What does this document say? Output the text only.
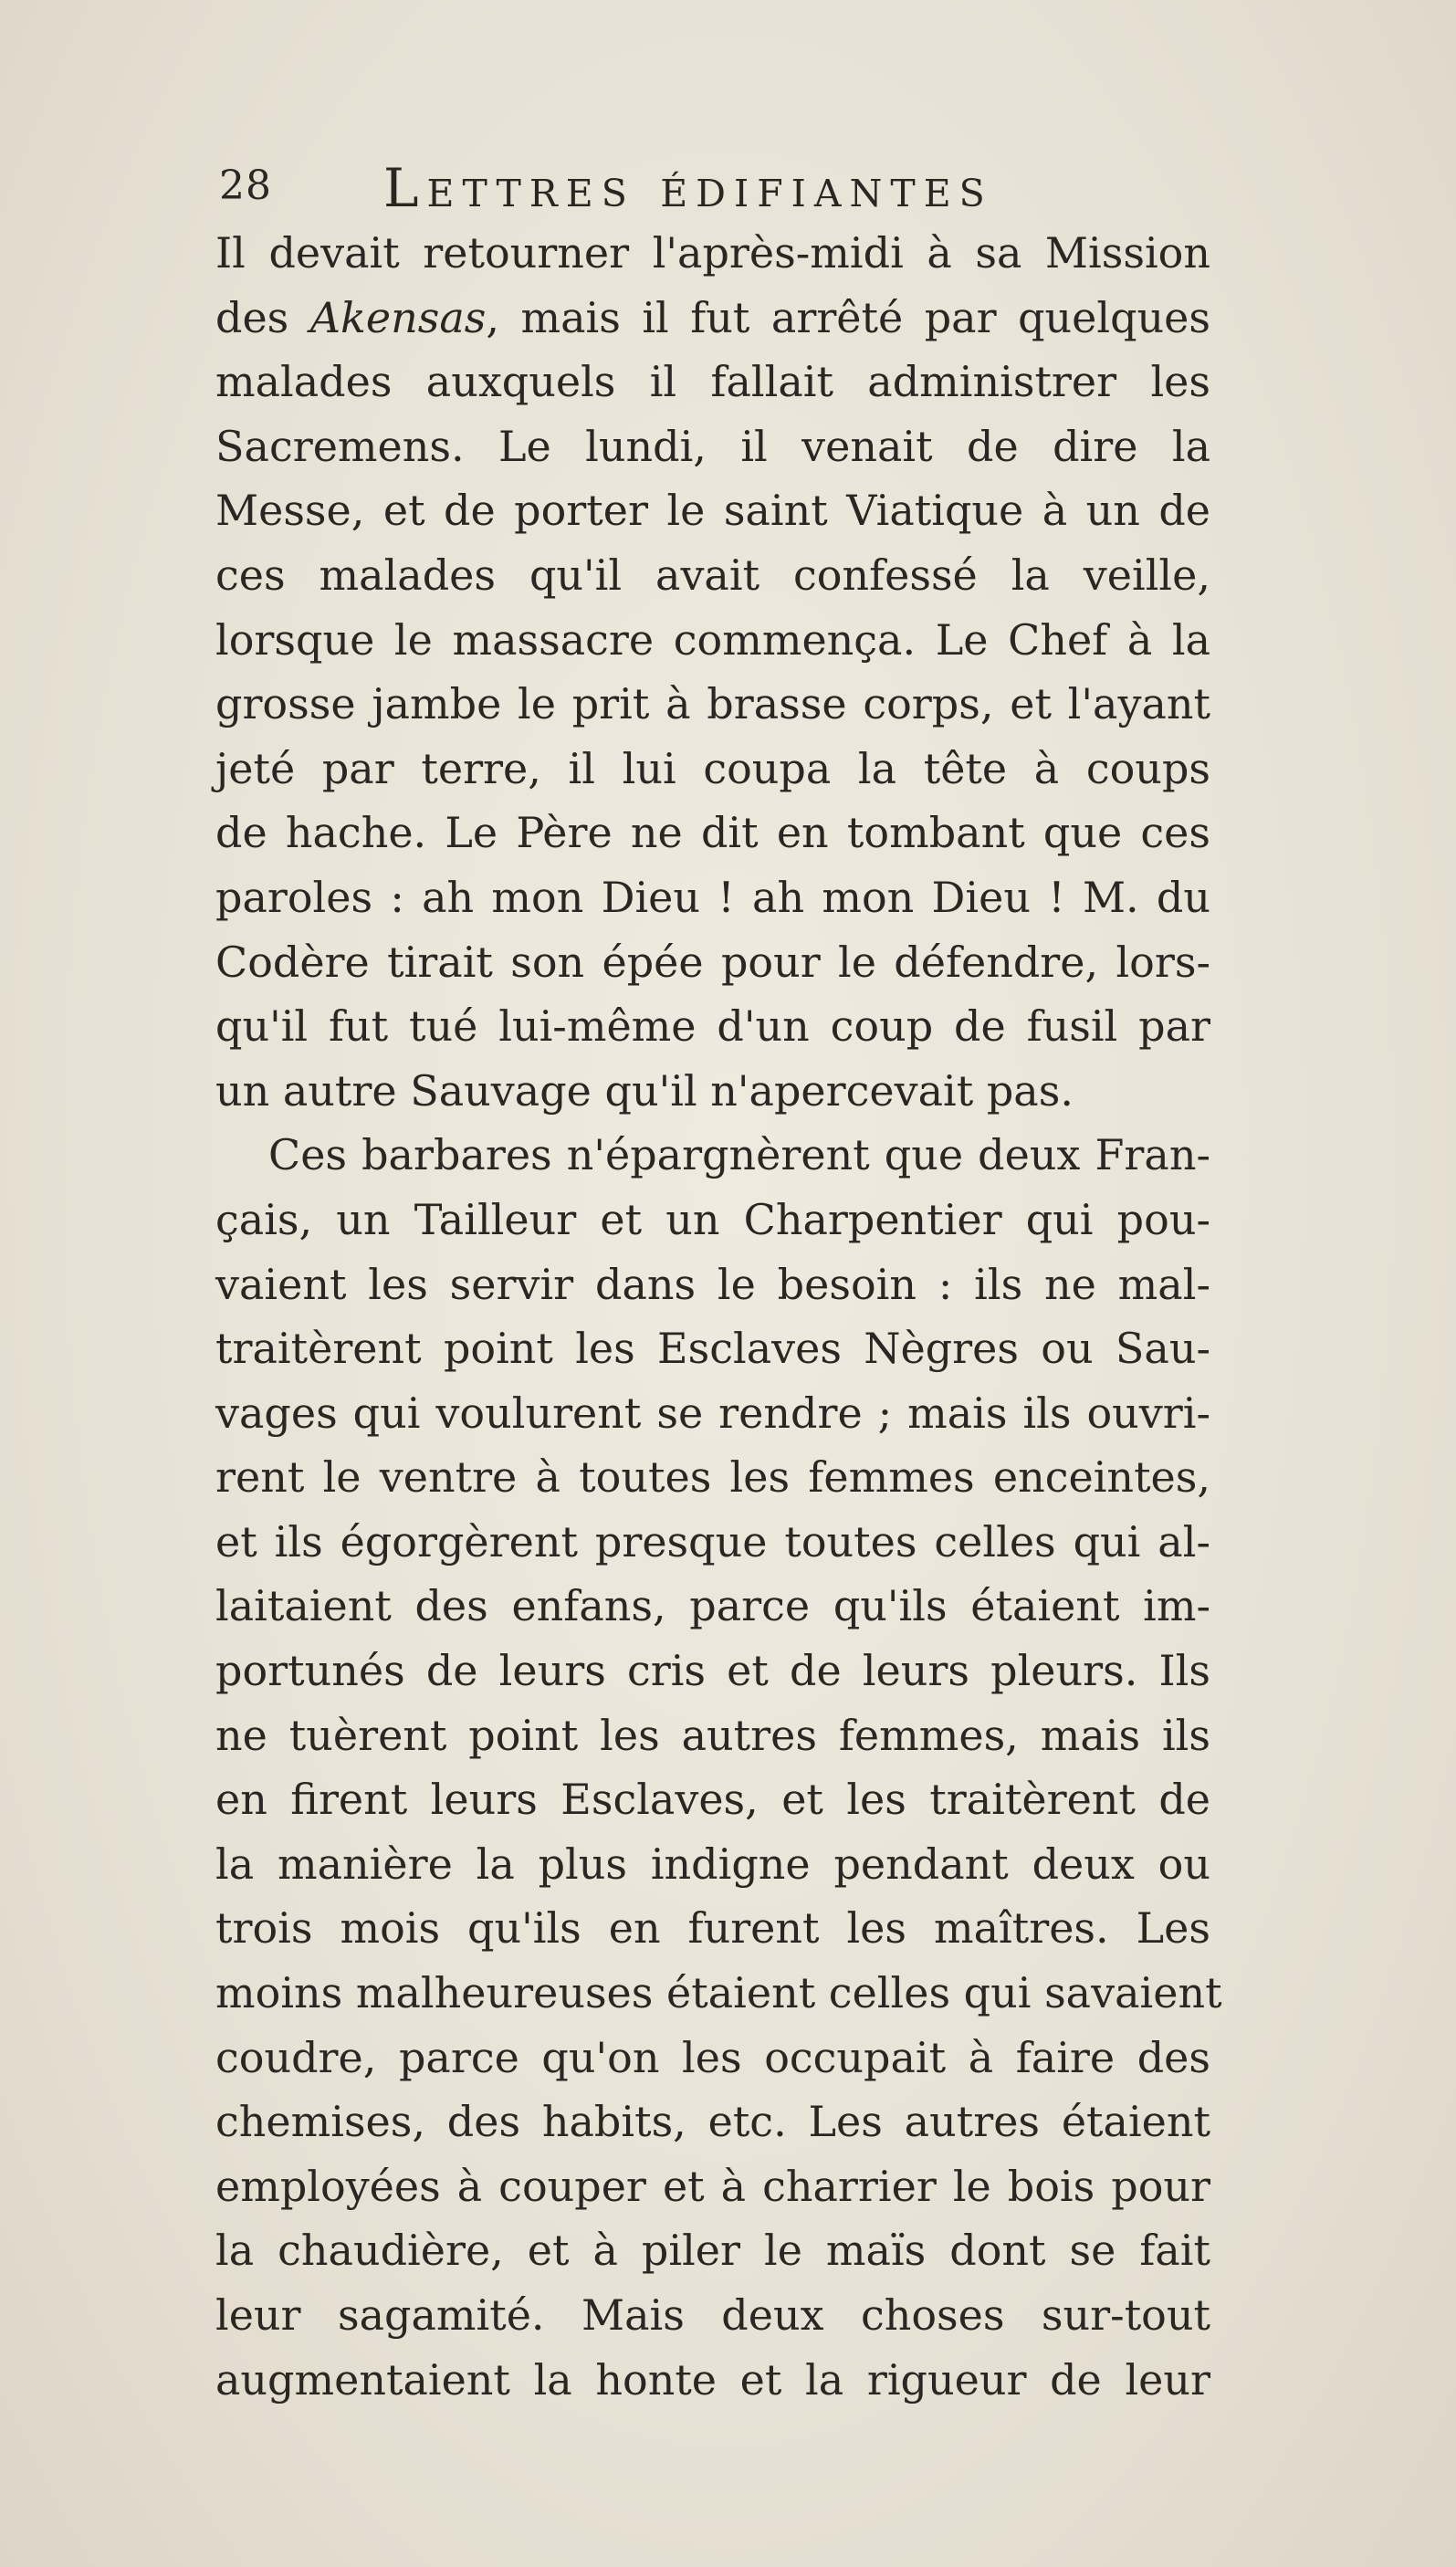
28 Lettres édifiantes
Il devait retourner l'après-midi à sa Mission
des Akensas, mais il fut arrêté par quelques
malades auxquels il fallait administrer les
Sacremens. Le lundi, il venait de dire la
Messe, et de porter le saint Viatique à un de
ces malades qu'il avait confessé la veille,
lorsque le massacre commença. Le Chef à la
grosse jambe le prit à brasse corps, et l'ayant
jeté par terre, il lui coupa la tête à coups
de hache. Le Père ne dit en tombant que ces
paroles : ah mon Dieu ! ah mon Dieu ! M. du
Codère tirait son épée pour le défendre, lors-
qu'il fut tué lui-même d'un coup de fusil par
un autre Sauvage qu'il n'apercevait pas.
Ces barbares n'épargnèrent que deux Fran-
çais, un Tailleur et un Charpentier qui pou-
vaient les servir dans le besoin : ils ne mal-
traitèrent point les Esclaves Nègres ou Sau-
vages qui voulurent se rendre ; mais ils ouvri-
rent le ventre à toutes les femmes enceintes,
et ils égorgèrent presque toutes celles qui al-
laitaient des enfans, parce qu'ils étaient im-
portunés de leurs cris et de leurs pleurs. Ils
ne tuèrent point les autres femmes, mais ils
en firent leurs Esclaves, et les traitèrent de
la manière la plus indigne pendant deux ou
trois mois qu'ils en furent les maîtres. Les
moins malheureuses étaient celles qui savaient
coudre, parce qu'on les occupait à faire des
chemises, des habits, etc. Les autres étaient
employées à couper et à charrier le bois pour
la chaudière, et à piler le maïs dont se fait
leur sagamité. Mais deux choses sur-tout
augmentaient la honte et la rigueur de leur
